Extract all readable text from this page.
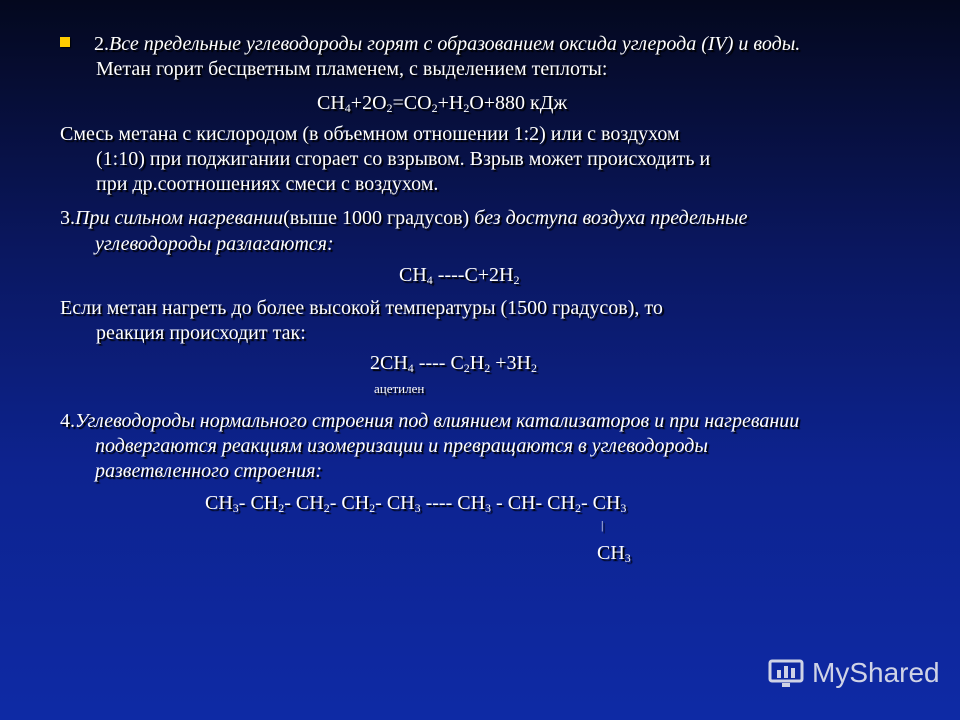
2.Все предельные углеводороды горят с образованием оксида углерода (IV) и воды.
Метан горит бесцветным пламенем, с выделением теплоты:
$CH_4+2O_2=CO_2+H_2O+880$ кДж
Смесь метана с кислородом (в объемном отношении 1:2) или с воздухом
(1:10) при поджигании сгорает со взрывом. Взрыв может происходить и
при др.соотношениях смеси с воздухом.
3.При сильном нагревании(выше 1000 градусов) без доступа воздуха предельные
углеводороды разлагаются:
$CH_4$ $----C+2H_2$
Если метан нагреть до более высокой температуры (1500 градусов), то
реакция происходит так:
$2CH_4$ ---- $C_2H_2 +3H_2$
ацетилен
4.Углеводороды нормального строения под влиянием катализаторов и при нагревании
подвергаются реакциям изомеризации и превращаются в углеводороды
разветвленного строения:
$CH_3-$ $CH_2-$ $CH_2-$ $CH_2-$ $CH_3$ ---- $CH_3 - CH-$ $CH_2-$ $CH_3$
|
$CH_3$
MyShared
